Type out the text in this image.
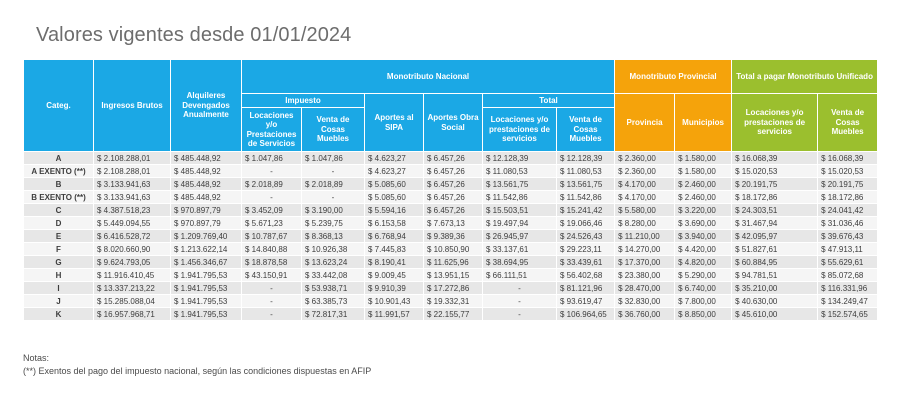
Valores vigentes desde 01/01/2024
Categ.	Ingresos Brutos	Alquileres Devengados Anualmente	Monotributo Nacional						Monotributo Provincial		Total a pagar Monotributo Unificado	
			Impuesto		Aportes al SIPA	Aportes Obra Social	Total		Provincia	Municipios	Locaciones y/o prestaciones de servicios	Venta de Cosas Muebles
			Locaciones y/o Prestaciones de Servicios	Venta de Cosas Muebles			Locaciones y/o prestaciones de servicios	Venta de Cosas Muebles				
A	$ 2.108.288,01	$ 485.448,92	$ 1.047,86	$ 1.047,86	$ 4.623,27	$ 6.457,26	$ 12.128,39	$ 12.128,39	$ 2.360,00	$ 1.580,00	$ 16.068,39	$ 16.068,39
A EXENTO (**)	$ 2.108.288,01	$ 485.448,92	-	-	$ 4.623,27	$ 6.457,26	$ 11.080,53	$ 11.080,53	$ 2.360,00	$ 1.580,00	$ 15.020,53	$ 15.020,53
B	$ 3.133.941,63	$ 485.448,92	$ 2.018,89	$ 2.018,89	$ 5.085,60	$ 6.457,26	$ 13.561,75	$ 13.561,75	$ 4.170,00	$ 2.460,00	$ 20.191,75	$ 20.191,75
B EXENTO (**)	$ 3.133.941,63	$ 485.448,92	-	-	$ 5.085,60	$ 6.457,26	$ 11.542,86	$ 11.542,86	$ 4.170,00	$ 2.460,00	$ 18.172,86	$ 18.172,86
C	$ 4.387.518,23	$ 970.897,79	$ 3.452,09	$ 3.190,00	$ 5.594,16	$ 6.457,26	$ 15.503,51	$ 15.241,42	$ 5.580,00	$ 3.220,00	$ 24.303,51	$ 24.041,42
D	$ 5.449.094,55	$ 970.897,79	$ 5.671,23	$ 5.239,75	$ 6.153,58	$ 7.673,13	$ 19.497,94	$ 19.066,46	$ 8.280,00	$ 3.690,00	$ 31.467,94	$ 31.036,46
E	$ 6.416.528,72	$ 1.209.769,40	$ 10.787,67	$ 8.368,13	$ 6.768,94	$ 9.389,36	$ 26.945,97	$ 24.526,43	$ 11.210,00	$ 3.940,00	$ 42.095,97	$ 39.676,43
F	$ 8.020.660,90	$ 1.213.622,14	$ 14.840,88	$ 10.926,38	$ 7.445,83	$ 10.850,90	$ 33.137,61	$ 29.223,11	$ 14.270,00	$ 4.420,00	$ 51.827,61	$ 47.913,11
G	$ 9.624.793,05	$ 1.456.346,67	$ 18.878,58	$ 13.623,24	$ 8.190,41	$ 11.625,96	$ 38.694,95	$ 33.439,61	$ 17.370,00	$ 4.820,00	$ 60.884,95	$ 55.629,61
H	$ 11.916.410,45	$ 1.941.795,53	$ 43.150,91	$ 33.442,08	$ 9.009,45	$ 13.951,15	$ 66.111,51	$ 56.402,68	$ 23.380,00	$ 5.290,00	$ 94.781,51	$ 85.072,68
I	$ 13.337.213,22	$ 1.941.795,53	-	$ 53.938,71	$ 9.910,39	$ 17.272,86	-	$ 81.121,96	$ 28.470,00	$ 6.740,00	$ 35.210,00	$ 116.331,96
J	$ 15.285.088,04	$ 1.941.795,53	-	$ 63.385,73	$ 10.901,43	$ 19.332,31	-	$ 93.619,47	$ 32.830,00	$ 7.800,00	$ 40.630,00	$ 134.249,47
K	$ 16.957.968,71	$ 1.941.795,53	-	$ 72.817,31	$ 11.991,57	$ 22.155,77	-	$ 106.964,65	$ 36.760,00	$ 8.850,00	$ 45.610,00	$ 152.574,65
Notas:
(**) Exentos del pago del impuesto nacional, según las condiciones dispuestas en AFIP
